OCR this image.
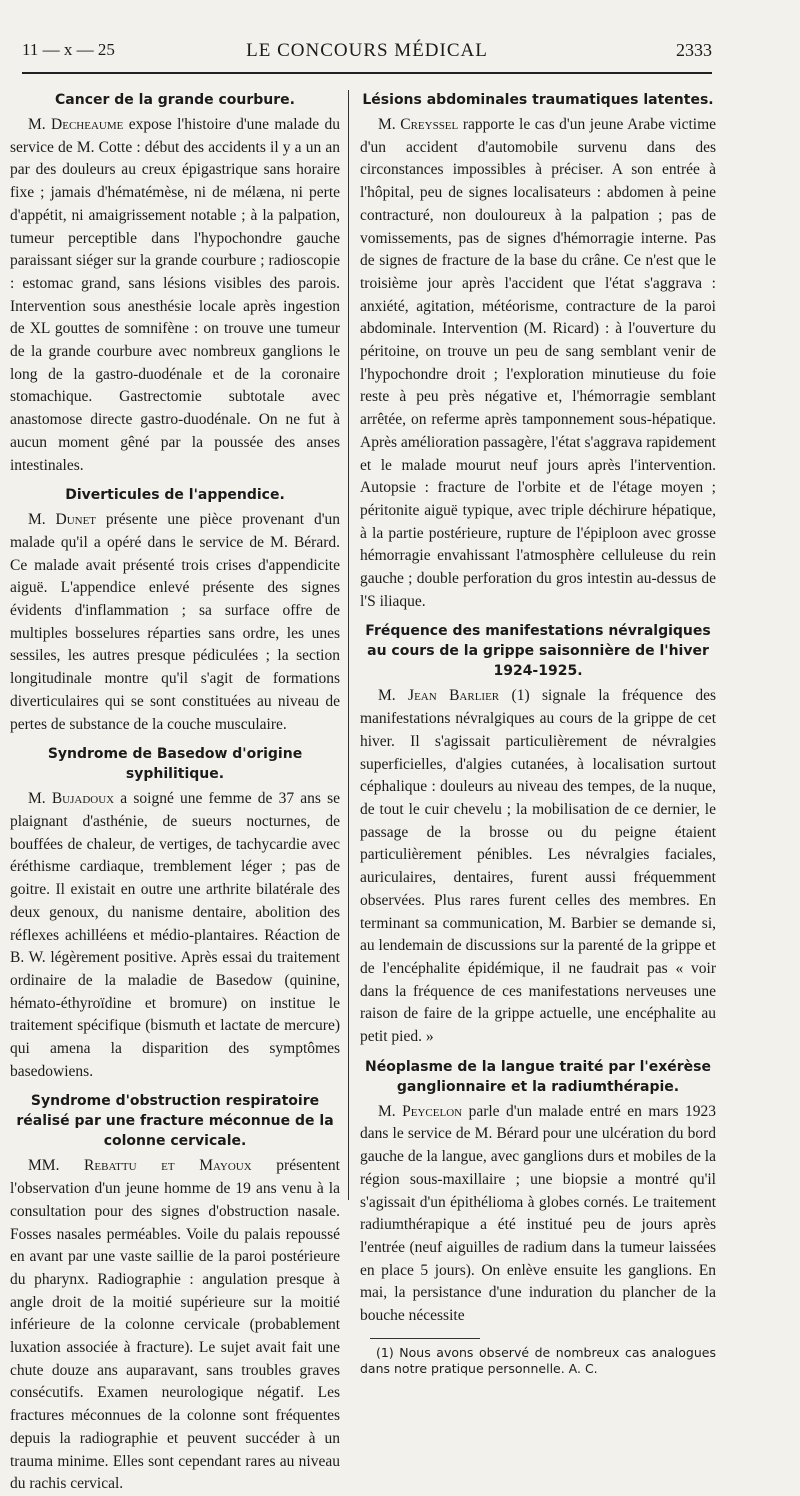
11 — x — 25	LE CONCOURS MÉDICAL	2333
Cancer de la grande courbure.

M. Decheaume expose l'histoire d'une malade du service de M. Cotte : début des accidents il y a un an par des douleurs au creux épigastrique sans horaire fixe ; jamais d'hématémèse, ni de mélæna, ni perte d'appétit, ni amaigrissement notable ; à la palpation, tumeur perceptible dans l'hypochondre gauche paraissant siéger sur la grande courbure ; radioscopie : estomac grand, sans lésions visibles des parois. Intervention sous anesthésie locale après ingestion de XL gouttes de somnifène : on trouve une tumeur de la grande courbure avec nombreux ganglions le long de la gastro-duodénale et de la coronaire stomachique. Gastrectomie subtotale avec anastomose directe gastro-duodénale. On ne fut à aucun moment gêné par la poussée des anses intestinales.

Diverticules de l'appendice.

M. Dunet présente une pièce provenant d'un malade qu'il a opéré dans le service de M. Bérard. Ce malade avait présenté trois crises d'appendicite aiguë. L'appendice enlevé présente des signes évidents d'inflammation ; sa surface offre de multiples bosselures réparties sans ordre, les unes sessiles, les autres presque pédiculées ; la section longitudinale montre qu'il s'agit de formations diverticulaires qui se sont constituées au niveau de pertes de substance de la couche musculaire.

Syndrome de Basedow d'origine syphilitique.

M. Bujadoux a soigné une femme de 37 ans se plaignant d'asthénie, de sueurs nocturnes, de bouffées de chaleur, de vertiges, de tachycardie avec éréthisme cardiaque, tremblement léger ; pas de goitre. Il existait en outre une arthrite bilatérale des deux genoux, du nanisme dentaire, abolition des réflexes achilléens et médio-plantaires. Réaction de B. W. légèrement positive. Après essai du traitement ordinaire de la maladie de Basedow (quinine, hémato-éthyroïdine et bromure) on institue le traitement spécifique (bismuth et lactate de mercure) qui amena la disparition des symptômes basedowiens.

Syndrome d'obstruction respiratoire réalisé par une fracture méconnue de la colonne cervicale.

MM. Rebattu et Mayoux présentent l'observation d'un jeune homme de 19 ans venu à la consultation pour des signes d'obstruction nasale. Fosses nasales perméables. Voile du palais repoussé en avant par une vaste saillie de la paroi postérieure du pharynx. Radiographie : angulation presque à angle droit de la moitié supérieure sur la moitié inférieure de la colonne cervicale (probablement luxation associée à fracture). Le sujet avait fait une chute douze ans auparavant, sans troubles graves consécutifs. Examen neurologique négatif. Les fractures méconnues de la colonne sont fréquentes depuis la radiographie et peuvent succéder à un trauma minime. Elles sont cependant rares au niveau du rachis cervical.

Lésions abdominales traumatiques latentes.

M. Creyssel rapporte le cas d'un jeune Arabe victime d'un accident d'automobile survenu dans des circonstances impossibles à préciser. A son entrée à l'hôpital, peu de signes localisateurs : abdomen à peine contracturé, non douloureux à la palpation ; pas de vomissements, pas de signes d'hémorragie interne. Pas de signes de fracture de la base du crâne. Ce n'est que le troisième jour après l'accident que l'état s'aggrava : anxiété, agitation, météorisme, contracture de la paroi abdominale. Intervention (M. Ricard) : à l'ouverture du péritoine, on trouve un peu de sang semblant venir de l'hypochondre droit ; l'exploration minutieuse du foie reste à peu près négative et, l'hémorragie semblant arrêtée, on referme après tamponnement sous-hépatique. Après amélioration passagère, l'état s'aggrava rapidement et le malade mourut neuf jours après l'intervention. Autopsie : fracture de l'orbite et de l'étage moyen ; péritonite aiguë typique, avec triple déchirure hépatique, à la partie postérieure, rupture de l'épiploon avec grosse hémorragie envahissant l'atmosphère celluleuse du rein gauche ; double perforation du gros intestin au-dessus de l'S iliaque.

Fréquence des manifestations névralgiques au cours de la grippe saisonnière de l'hiver 1924-1925.

M. Jean Barlier (1) signale la fréquence des manifestations névralgiques au cours de la grippe de cet hiver. Il s'agissait particulièrement de névralgies superficielles, d'algies cutanées, à localisation surtout céphalique : douleurs au niveau des tempes, de la nuque, de tout le cuir chevelu ; la mobilisation de ce dernier, le passage de la brosse ou du peigne étaient particulièrement pénibles. Les névralgies faciales, auriculaires, dentaires, furent aussi fréquemment observées. Plus rares furent celles des membres. En terminant sa communication, M. Barbier se demande si, au lendemain de discussions sur la parenté de la grippe et de l'encéphalite épidémique, il ne faudrait pas « voir dans la fréquence de ces manifestations nerveuses une raison de faire de la grippe actuelle, une encéphalite au petit pied. »

Néoplasme de la langue traité par l'exérèse ganglionnaire et la radiumthérapie.

M. Peycelon parle d'un malade entré en mars 1923 dans le service de M. Bérard pour une ulcération du bord gauche de la langue, avec ganglions durs et mobiles de la région sous-maxillaire ; une biopsie a montré qu'il s'agissait d'un épithélioma à globes cornés. Le traitement radiumthérapique a été institué peu de jours après l'entrée (neuf aiguilles de radium dans la tumeur laissées en place 5 jours). On enlève ensuite les ganglions. En mai, la persistance d'une induration du plancher de la bouche nécessite

(1) Nous avons observé de nombreux cas analogues dans notre pratique personnelle. A. C.
